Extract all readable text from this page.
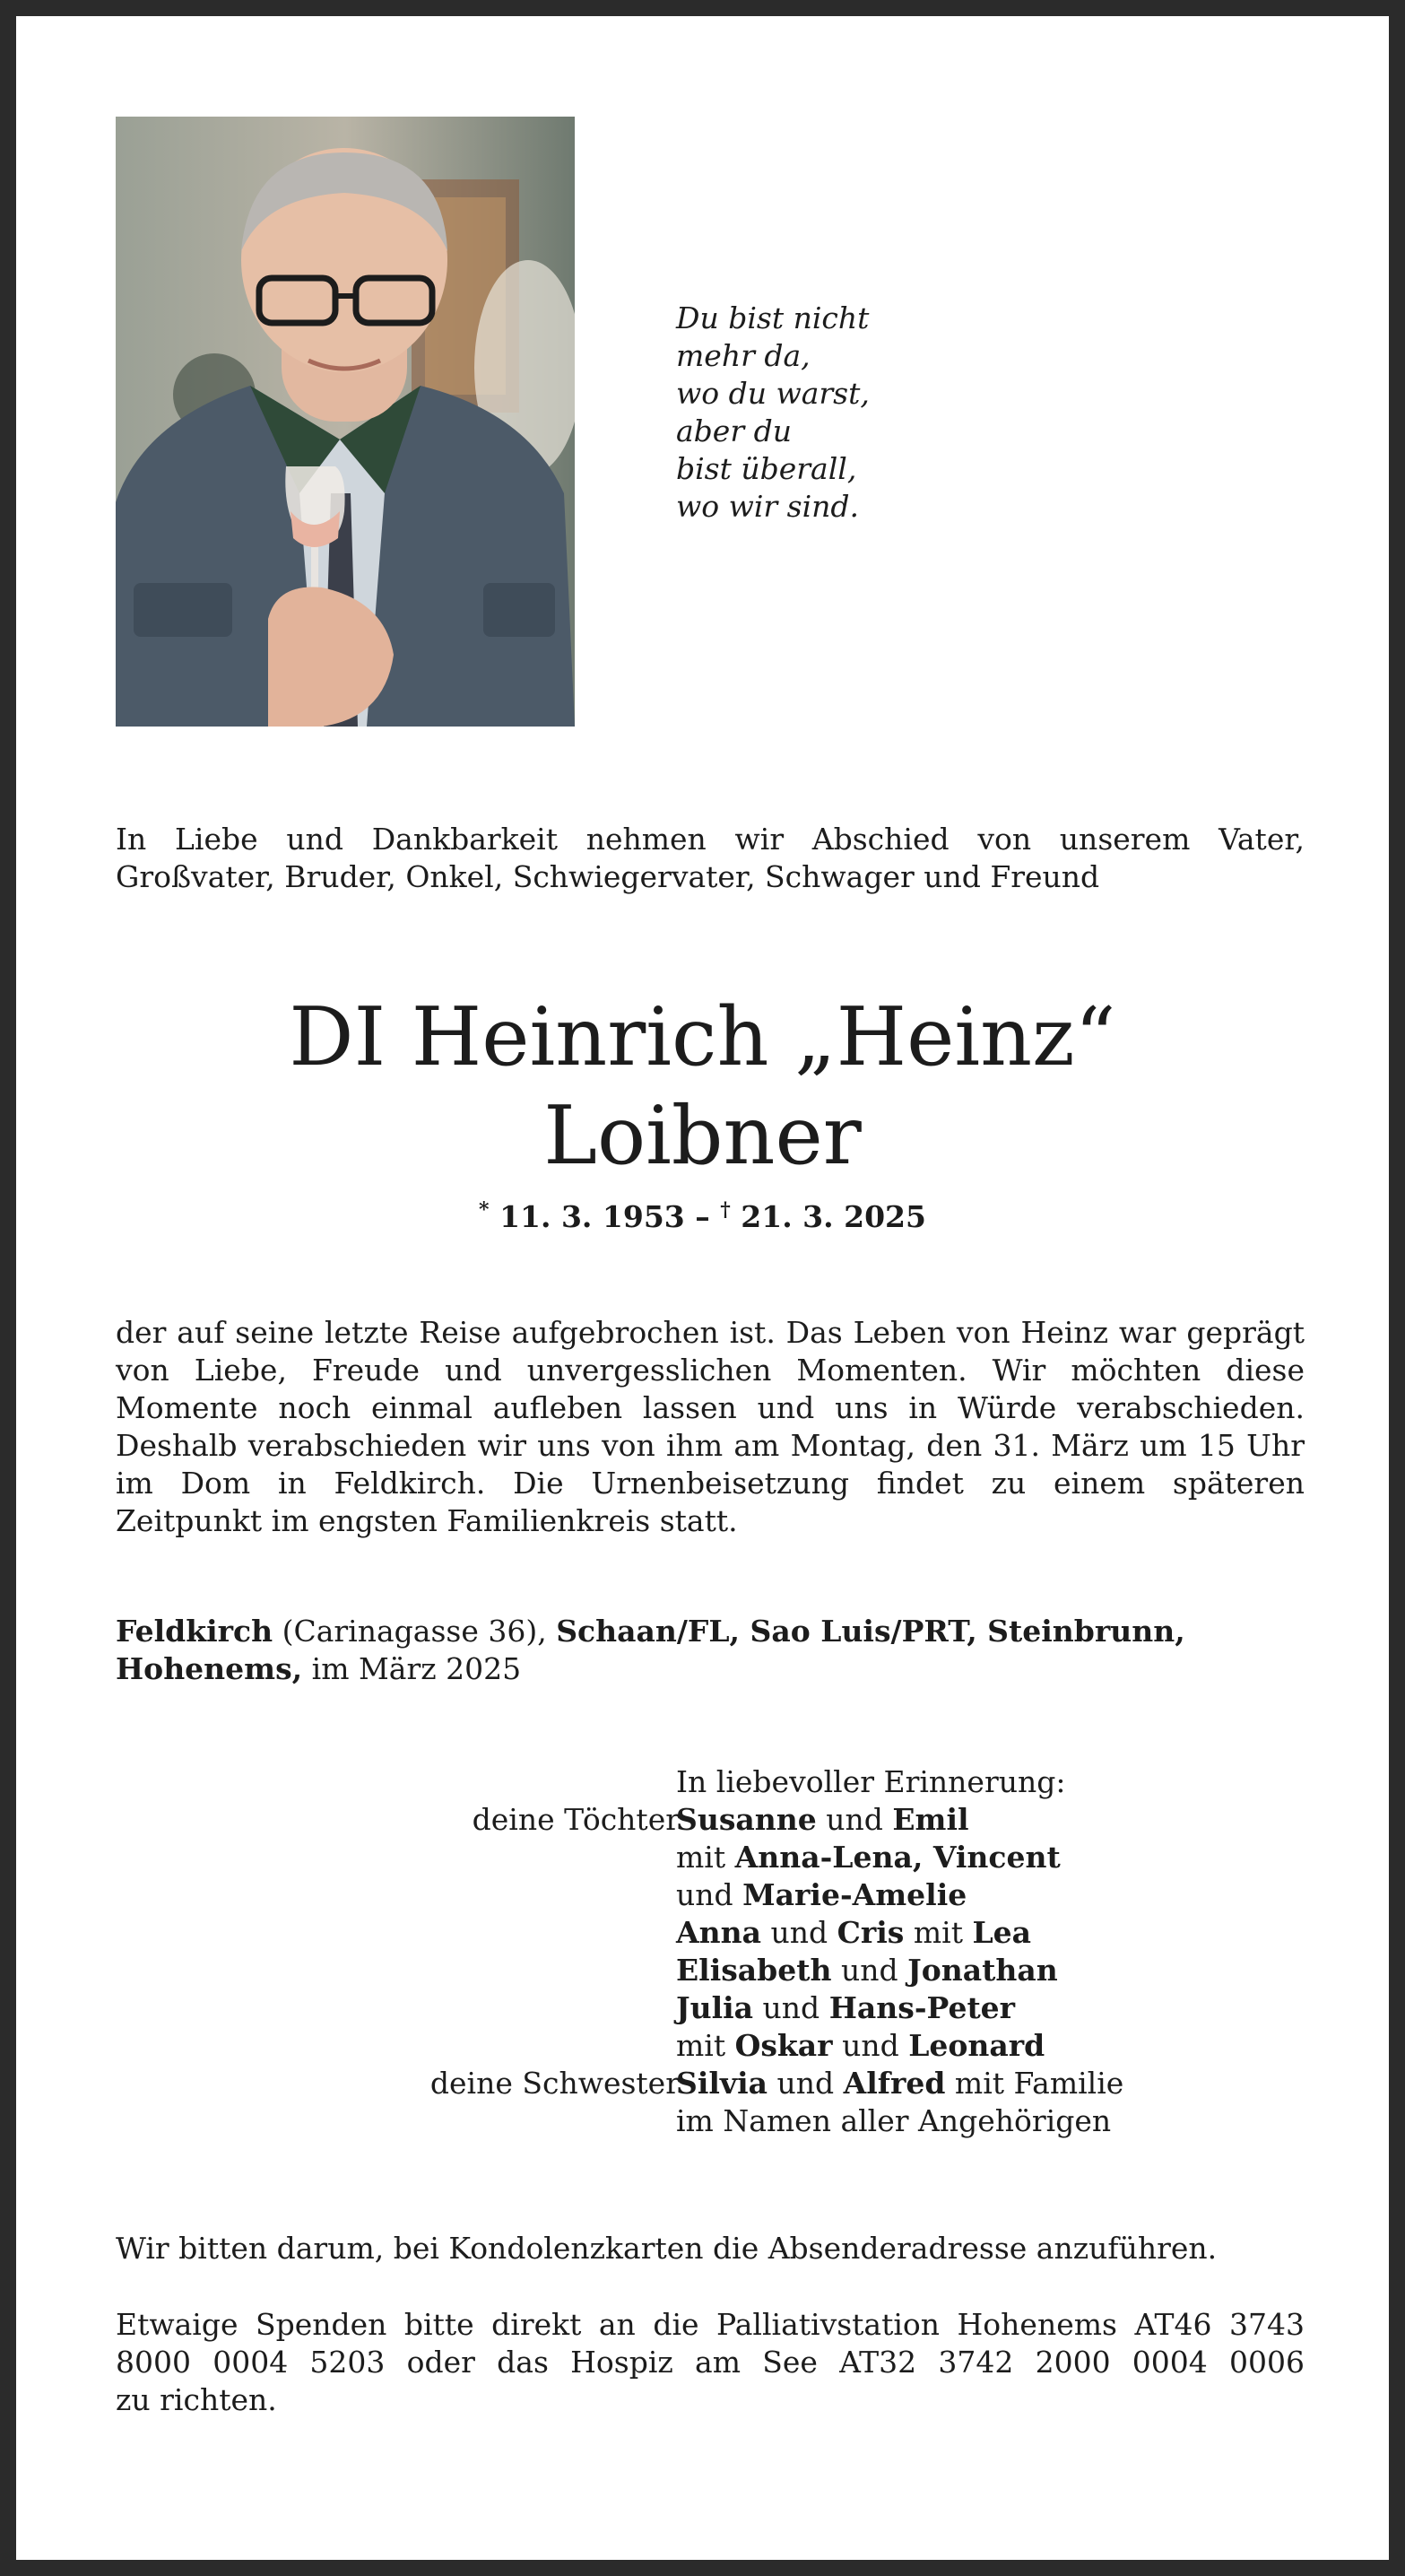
Du bist nicht
mehr da,
wo du warst,
aber du
bist überall,
wo wir sind.
In Liebe und Dankbarkeit nehmen wir Abschied von unserem Vater,
Großvater, Bruder, Onkel, Schwiegervater, Schwager und Freund
DI Heinrich „Heinz“
Loibner
* 11. 3. 1953 – † 21. 3. 2025
der auf seine letzte Reise aufgebrochen ist. Das Leben von Heinz war geprägt
von Liebe, Freude und unvergesslichen Momenten. Wir möchten diese
Momente noch einmal aufleben lassen und uns in Würde verabschieden.
Deshalb verabschieden wir uns von ihm am Montag, den 31. März um 15 Uhr
im Dom in Feldkirch. Die Urnenbeisetzung findet zu einem späteren
Zeitpunkt im engsten Familienkreis statt.
Feldkirch (Carinagasse 36), Schaan/FL, Sao Luis/PRT, Steinbrunn,
Hohenems, im März 2025
In liebevoller Erinnerung:
deine Töchter
deine Schwester
Susanne und Emil
mit Anna-Lena, Vincent
und Marie-Amelie
Anna und Cris mit Lea
Elisabeth und Jonathan
Julia und Hans-Peter
mit Oskar und Leonard
Silvia und Alfred mit Familie
im Namen aller Angehörigen
Wir bitten darum, bei Kondolenzkarten die Absenderadresse anzuführen.
Etwaige Spenden bitte direkt an die Palliativstation Hohenems AT46 3743
8000 0004 5203 oder das Hospiz am See AT32 3742 2000 0004 0006
zu richten.
